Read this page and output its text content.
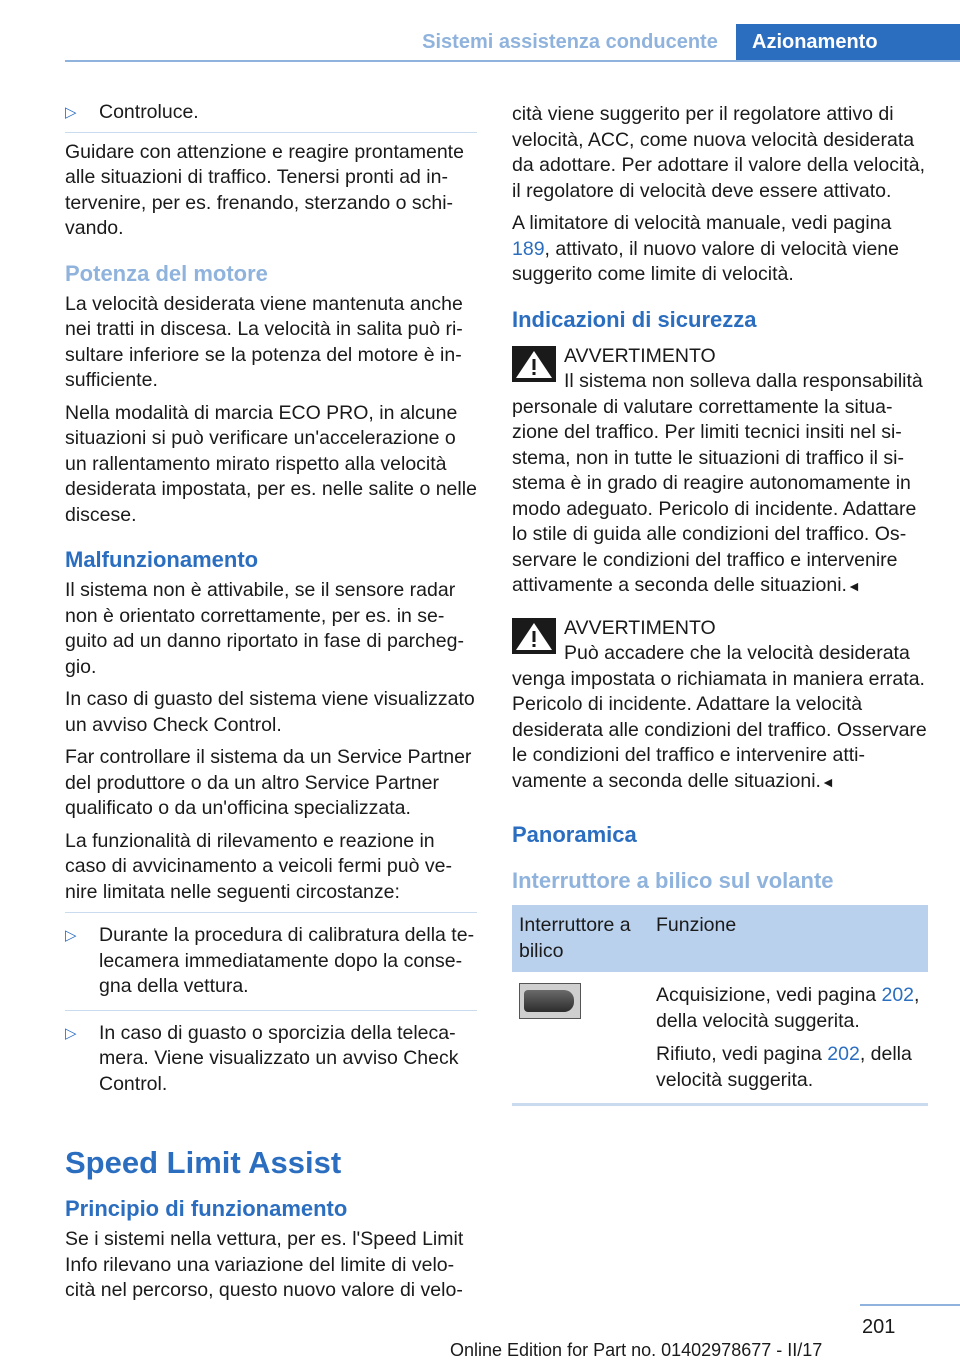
Sistemi assistenza conducente	Azionamento
▷ Controluce.

Guidare con attenzione e reagire prontamente alle situazioni di traffico. Tenersi pronti ad intervenire, per es. frenando, sterzando o schivando.

Potenza del motore

La velocità desiderata viene mantenuta anche nei tratti in discesa. La velocità in salita può risultare inferiore se la potenza del motore è insufficiente.

Nella modalità di marcia ECO PRO, in alcune situazioni si può verificare un'accelerazione o un rallentamento mirato rispetto alla velocità desiderata impostata, per es. nelle salite o nelle discese.

Malfunzionamento

Il sistema non è attivabile, se il sensore radar non è orientato correttamente, per es. in seguito ad un danno riportato in fase di parcheggio.

In caso di guasto del sistema viene visualizzato un avviso Check Control.

Far controllare il sistema da un Service Partner del produttore o da un altro Service Partner qualificato o da un'officina specializzata.

La funzionalità di rilevamento e reazione in caso di avvicinamento a veicoli fermi può venire limitata nelle seguenti circostanze:

▷ Durante la procedura di calibratura della telecamera immediatamente dopo la consegna della vettura.
▷ In caso di guasto o sporcizia della telecamera. Viene visualizzato un avviso Check Control.
Speed Limit Assist
Principio di funzionamento

Se i sistemi nella vettura, per es. l'Speed Limit Info rilevano una variazione del limite di velocità nel percorso, questo nuovo valore di velo-

cità viene suggerito per il regolatore attivo di velocità, ACC, come nuova velocità desiderata da adottare. Per adottare il valore della velocità, il regolatore di velocità deve essere attivato.

A limitatore di velocità manuale, vedi pagina 189, attivato, il nuovo valore di velocità viene suggerito come limite di velocità.

Indicazioni di sicurezza
AVVERTIMENTO
Il sistema non solleva dalla responsabilità
personale di valutare correttamente la situazione del traffico. Per limiti tecnici insiti nel sistema, non in tutte le situazioni di traffico il sistema è in grado di reagire autonomamente in modo adeguato. Pericolo di incidente. Adattare lo stile di guida alle condizioni del traffico. Osservare le condizioni del traffico e intervenire attivamente a seconda delle situazioni.◄
AVVERTIMENTO
Può accadere che la velocità desiderata
venga impostata o richiamata in maniera errata. Pericolo di incidente. Adattare la velocità desiderata alle condizioni del traffico. Osservare le condizioni del traffico e intervenire attivamente a seconda delle situazioni.◄
Panoramica
Interruttore a bilico sul volante
Interruttore a bilico	Funzione

	Acquisizione, vedi pagina 202, della velocità suggerita.

Rifiuto, vedi pagina 202, della velocità suggerita.

201
Online Edition for Part no. 01402978677 - II/17
